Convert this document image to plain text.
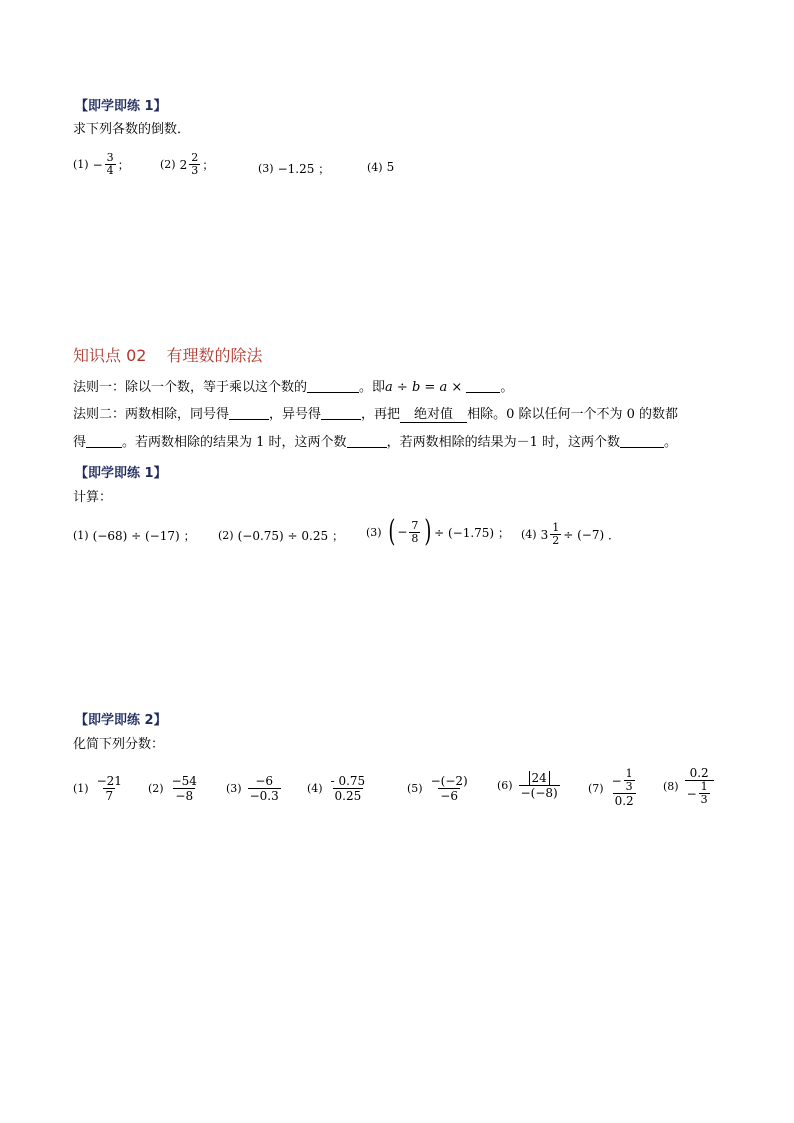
【即学即练 1】
求下列各数的倒数．
$(1) - \frac{3}{4}$ ；	(2) $2 \frac{2}{3}$ ；	(3) −1.25 ；	(4) 5
知识点 02 有理数的除法
法则一：除以一个数，等于乘以这个数的	。即a ÷ b = a ×	。
法则二：两数相除，同号得	，异号得	，再把 绝对值 相除。0 除以任何一个不为 0 的数都
得	。若两数相除的结果为 1 时，这两个数	，若两数相除的结果为－1 时，这两个数	。
【即学即练 1】
计算：
(1) (−68) ÷ (−17) ； (2) (−0.75) ÷ 0.25 ； (3) ( − $\frac{7}{8}$ ) ÷ (−1.75) ； (4) $3 \frac{1}{2} \div (-7)$ ．
【即学即练 2】
化简下列分数：
$(1) \frac{-21}{7} (2) \frac{-54}{-8} (3) \frac{-6}{-0.3} (4) \frac{- 0.75}{0.25}$	$(5) \frac{-(-2)}{-6} (6) \frac{24}{-(-8)}$	$(7) \frac{- \frac{1}{3}}{0.2} (8) \frac{0.2}{- \frac{1}{3}}$
